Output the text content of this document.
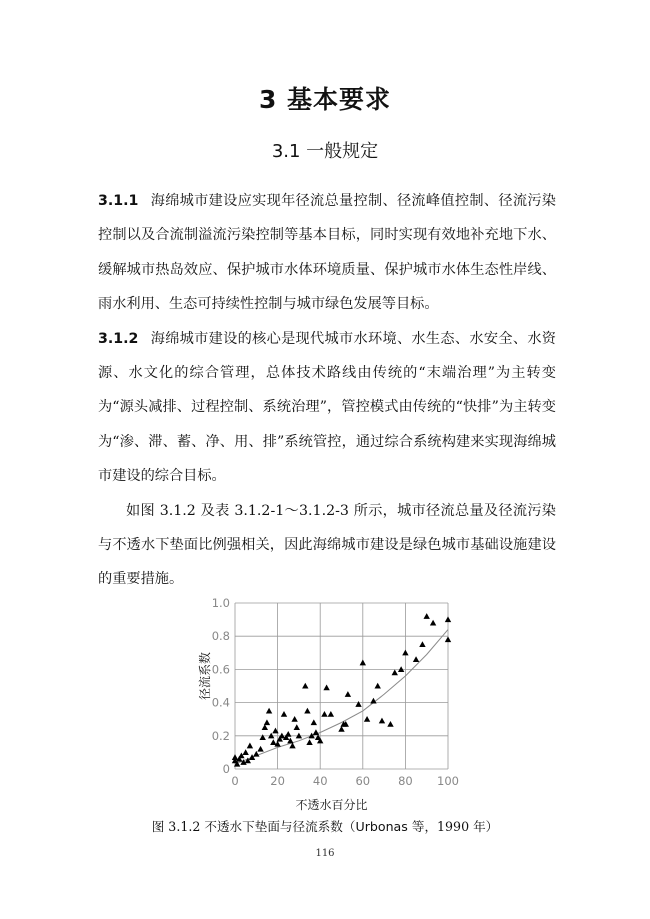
3 基本要求
3.1 一般规定

3.1.1 海绵城市建设应实现年径流总量控制、径流峰值控制、径流污染控制以及合流制溢流污染控制等基本目标，同时实现有效地补充地下水、缓解城市热岛效应、保护城市水体环境质量、保护城市水体生态性岸线、雨水利用、生态可持续性控制与城市绿色发展等目标。

3.1.2 海绵城市建设的核心是现代城市水环境、水生态、水安全、水资源、水文化的综合管理，总体技术路线由传统的“末端治理”为主转变为“源头减排、过程控制、系统治理”，管控模式由传统的“快排”为主转变为“渗、滞、蓄、净、用、排”系统管控，通过综合系统构建来实现海绵城市建设的综合目标。

如图 3.1.2 及表 3.1.2-1～3.1.2-3 所示，城市径流总量及径流污染与不透水下垫面比例强相关，因此海绵城市建设是绿色城市基础设施建设的重要措施。

0
0.2
0.4
0.6
0.8
1.0
0	20 40 60 80 100
不透水百分比
径流系数
图 3.1.2 不透水下垫面与径流系数（Urbonas 等，1990 年）
116
